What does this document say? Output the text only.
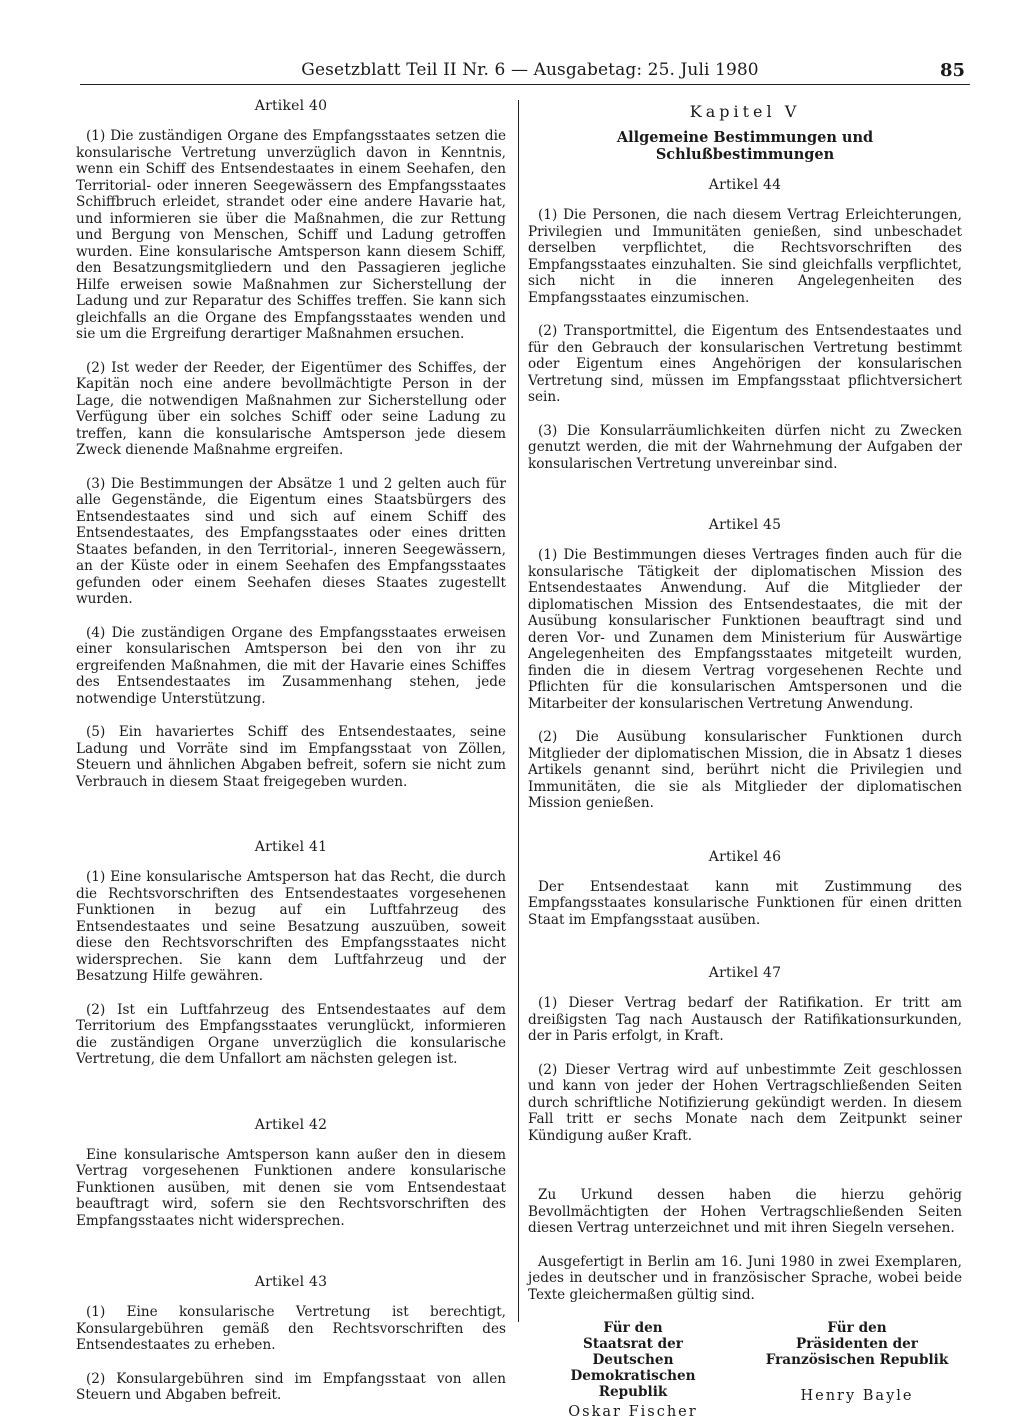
Gesetzblatt Teil II Nr. 6 — Ausgabetag: 25. Juli 1980	85
Artikel 40

(1) Die zuständigen Organe des Empfangsstaates setzen die konsularische Vertretung unverzüglich davon in Kenntnis, wenn ein Schiff des Entsendestaates in einem Seehafen, den Territorial- oder inneren Seegewässern des Empfangsstaates Schiffbruch erleidet, strandet oder eine andere Havarie hat, und informieren sie über die Maßnahmen, die zur Rettung und Bergung von Menschen, Schiff und Ladung getroffen wurden. Eine konsularische Amtsperson kann diesem Schiff, den Besatzungsmitgliedern und den Passagieren jegliche Hilfe erweisen sowie Maßnahmen zur Sicherstellung der Ladung und zur Reparatur des Schiffes treffen. Sie kann sich gleichfalls an die Organe des Empfangsstaates wenden und sie um die Ergreifung derartiger Maßnahmen ersuchen.

(2) Ist weder der Reeder, der Eigentümer des Schiffes, der Kapitän noch eine andere bevollmächtigte Person in der Lage, die notwendigen Maßnahmen zur Sicherstellung oder Verfügung über ein solches Schiff oder seine Ladung zu treffen, kann die konsularische Amtsperson jede diesem Zweck dienende Maßnahme ergreifen.

(3) Die Bestimmungen der Absätze 1 und 2 gelten auch für alle Gegenstände, die Eigentum eines Staatsbürgers des Entsendestaates sind und sich auf einem Schiff des Entsendestaates, des Empfangsstaates oder eines dritten Staates befanden, in den Territorial-, inneren Seegewässern, an der Küste oder in einem Seehafen des Empfangsstaates gefunden oder einem Seehafen dieses Staates zugestellt wurden.

(4) Die zuständigen Organe des Empfangsstaates erweisen einer konsularischen Amtsperson bei den von ihr zu ergreifenden Maßnahmen, die mit der Havarie eines Schiffes des Entsendestaates im Zusammenhang stehen, jede notwendige Unterstützung.

(5) Ein havariertes Schiff des Entsendestaates, seine Ladung und Vorräte sind im Empfangsstaat von Zöllen, Steuern und ähnlichen Abgaben befreit, sofern sie nicht zum Verbrauch in diesem Staat freigegeben wurden.

Artikel 41

(1) Eine konsularische Amtsperson hat das Recht, die durch die Rechtsvorschriften des Entsendestaates vorgesehenen Funktionen in bezug auf ein Luftfahrzeug des Entsendestaates und seine Besatzung auszuüben, soweit diese den Rechtsvorschriften des Empfangsstaates nicht widersprechen. Sie kann dem Luftfahrzeug und der Besatzung Hilfe gewähren.

(2) Ist ein Luftfahrzeug des Entsendestaates auf dem Territorium des Empfangsstaates verunglückt, informieren die zuständigen Organe unverzüglich die konsularische Vertretung, die dem Unfallort am nächsten gelegen ist.

Artikel 42

Eine konsularische Amtsperson kann außer den in diesem Vertrag vorgesehenen Funktionen andere konsularische Funktionen ausüben, mit denen sie vom Entsendestaat beauftragt wird, sofern sie den Rechtsvorschriften des Empfangsstaates nicht widersprechen.

Artikel 43

(1) Eine konsularische Vertretung ist berechtigt, Konsulargebühren gemäß den Rechtsvorschriften des Entsendestaates zu erheben.

(2) Konsulargebühren sind im Empfangsstaat von allen Steuern und Abgaben befreit.

Kapitel V
Allgemeine Bestimmungen und Schlußbestimmungen
Artikel 44

(1) Die Personen, die nach diesem Vertrag Erleichterungen, Privilegien und Immunitäten genießen, sind unbeschadet derselben verpflichtet, die Rechtsvorschriften des Empfangsstaates einzuhalten. Sie sind gleichfalls verpflichtet, sich nicht in die inneren Angelegenheiten des Empfangsstaates einzumischen.

(2) Transportmittel, die Eigentum des Entsendestaates und für den Gebrauch der konsularischen Vertretung bestimmt oder Eigentum eines Angehörigen der konsularischen Vertretung sind, müssen im Empfangsstaat pflichtversichert sein.

(3) Die Konsularräumlichkeiten dürfen nicht zu Zwecken genutzt werden, die mit der Wahrnehmung der Aufgaben der konsularischen Vertretung unvereinbar sind.

Artikel 45

(1) Die Bestimmungen dieses Vertrages finden auch für die konsularische Tätigkeit der diplomatischen Mission des Entsendestaates Anwendung. Auf die Mitglieder der diplomatischen Mission des Entsendestaates, die mit der Ausübung konsularischer Funktionen beauftragt sind und deren Vor- und Zunamen dem Ministerium für Auswärtige Angelegenheiten des Empfangsstaates mitgeteilt wurden, finden die in diesem Vertrag vorgesehenen Rechte und Pflichten für die konsularischen Amtspersonen und die Mitarbeiter der konsularischen Vertretung Anwendung.

(2) Die Ausübung konsularischer Funktionen durch Mitglieder der diplomatischen Mission, die in Absatz 1 dieses Artikels genannt sind, berührt nicht die Privilegien und Immunitäten, die sie als Mitglieder der diplomatischen Mission genießen.

Artikel 46

Der Entsendestaat kann mit Zustimmung des Empfangsstaates konsularische Funktionen für einen dritten Staat im Empfangsstaat ausüben.

Artikel 47

(1) Dieser Vertrag bedarf der Ratifikation. Er tritt am dreißigsten Tag nach Austausch der Ratifikationsurkunden, der in Paris erfolgt, in Kraft.

(2) Dieser Vertrag wird auf unbestimmte Zeit geschlossen und kann von jeder der Hohen Vertragschließenden Seiten durch schriftliche Notifizierung gekündigt werden. In diesem Fall tritt er sechs Monate nach dem Zeitpunkt seiner Kündigung außer Kraft.

Zu Urkund dessen haben die hierzu gehörig Bevollmächtigten der Hohen Vertragschließenden Seiten diesen Vertrag unterzeichnet und mit ihren Siegeln versehen.

Ausgefertigt in Berlin am 16. Juni 1980 in zwei Exemplaren, jedes in deutscher und in französischer Sprache, wobei beide Texte gleichermaßen gültig sind.

Für den
Staatsrat der
Deutschen Demokratischen
Republik
Oskar Fischer
Für den
Präsidenten der
Französischen Republik
Henry Bayle
